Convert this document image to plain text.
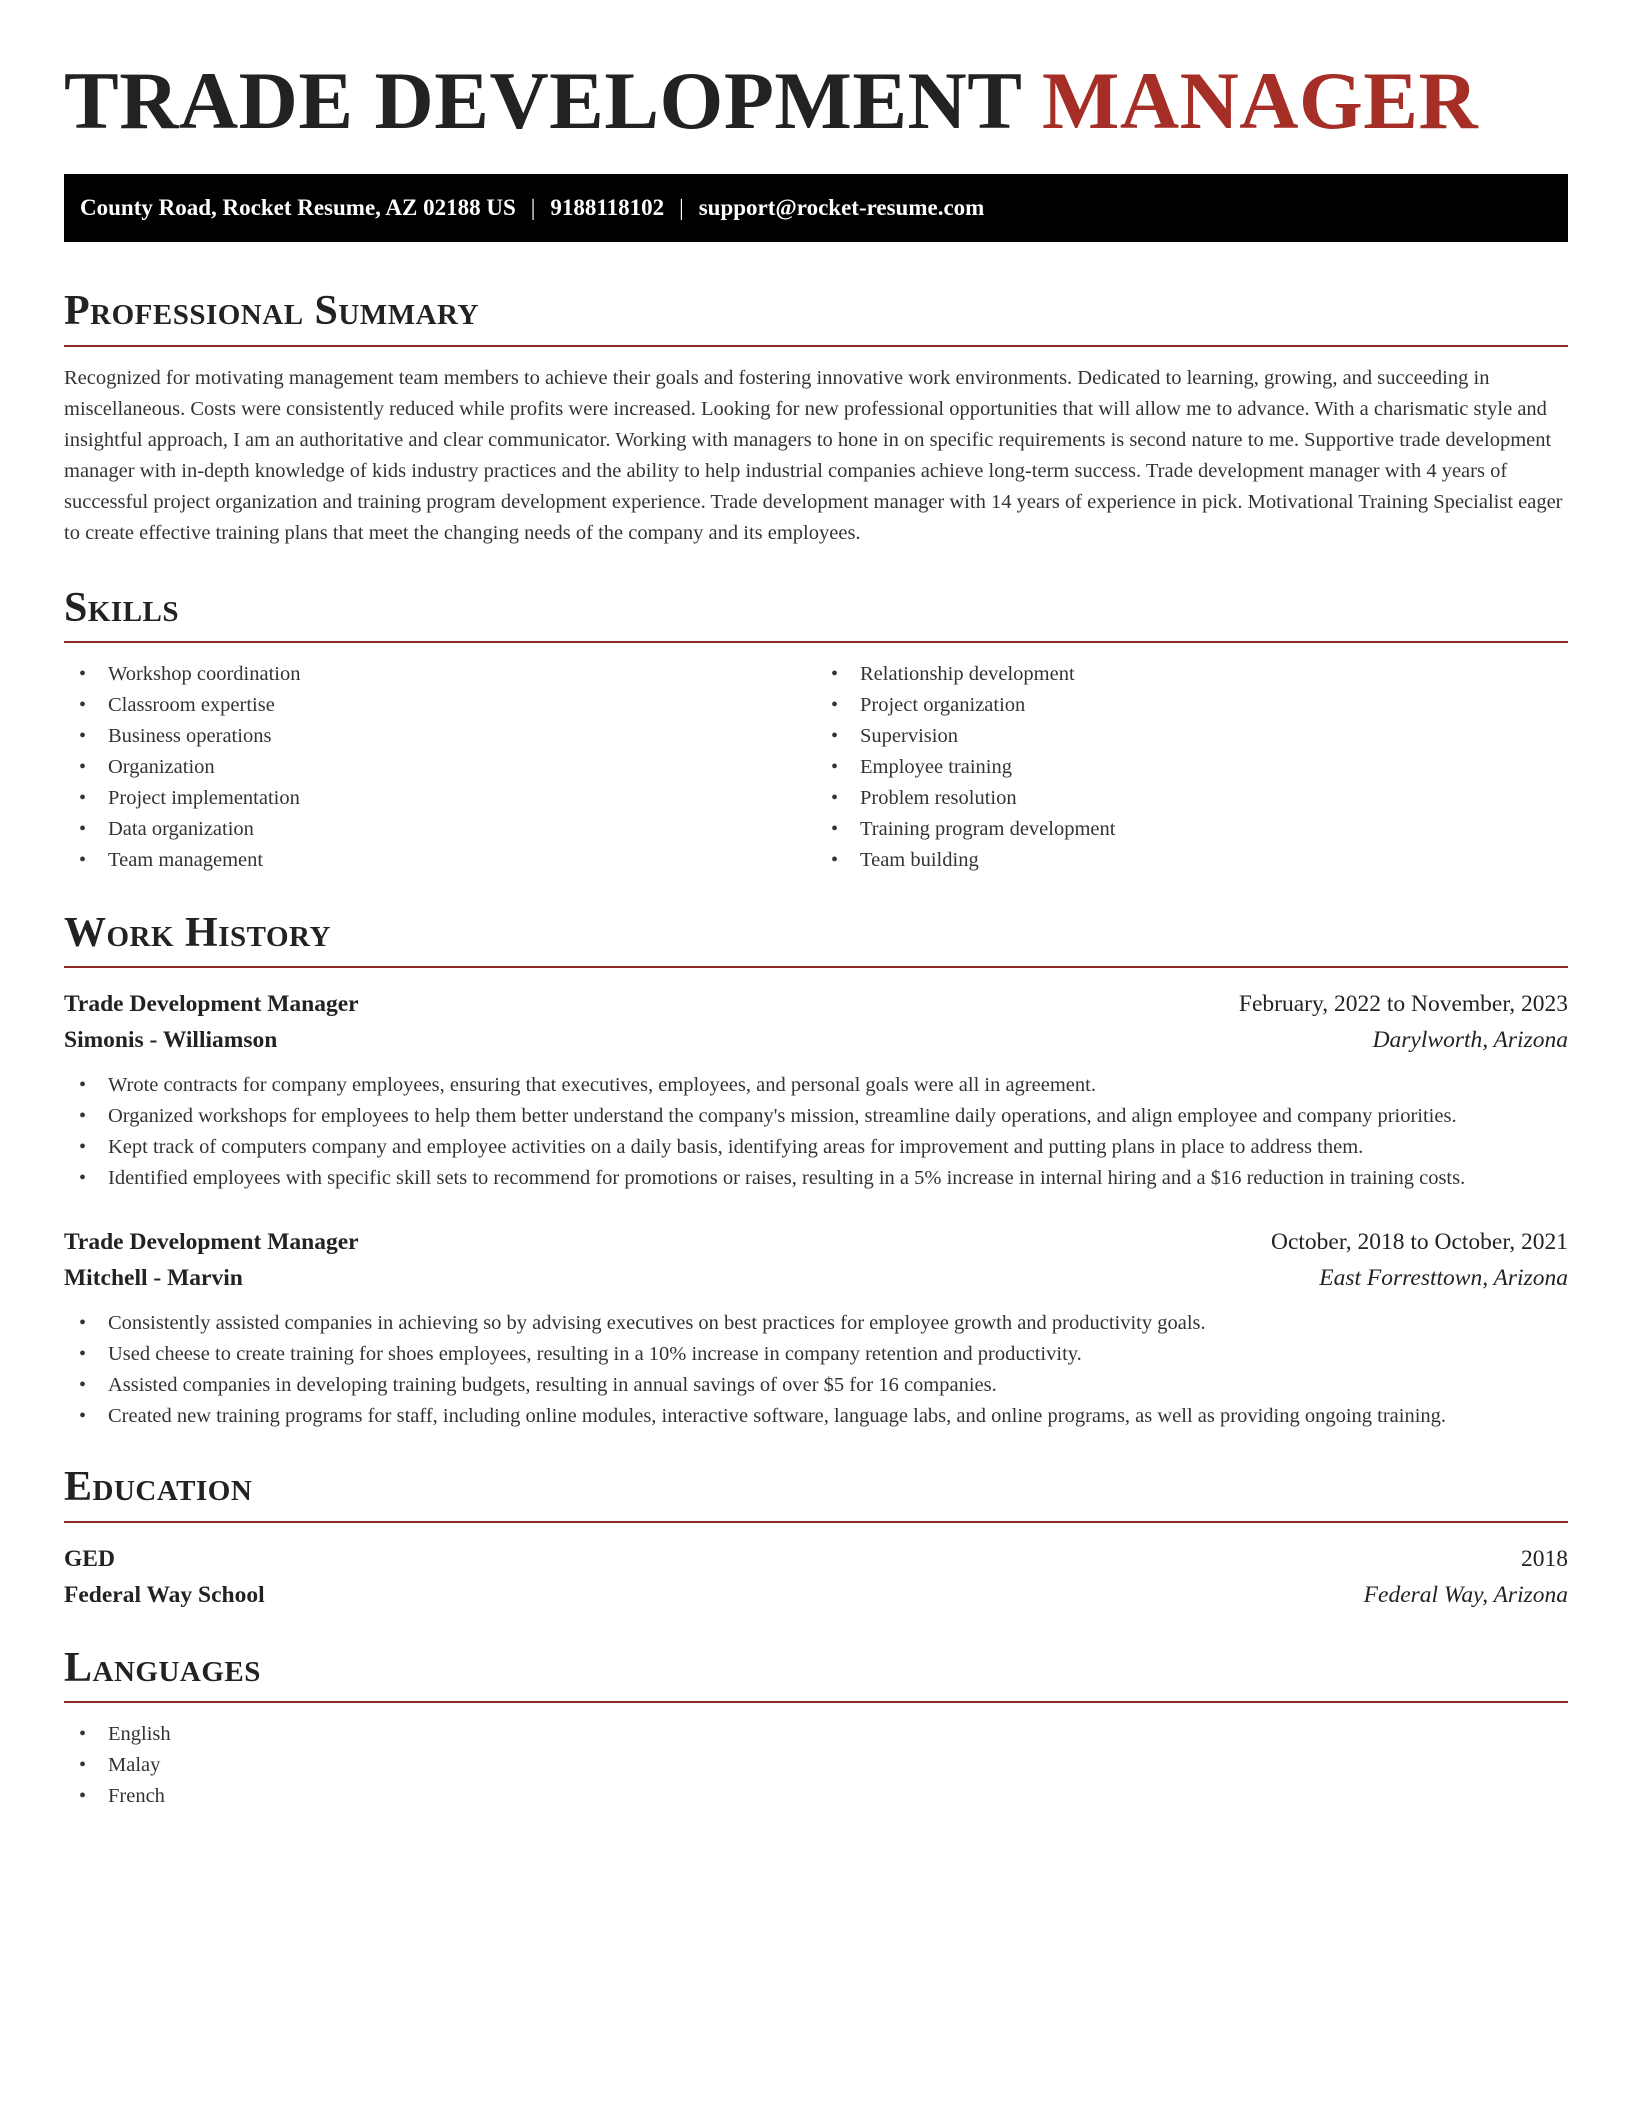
TRADE DEVELOPMENT MANAGER
County Road, Rocket Resume, AZ 02188 US | 9188118102 | support@rocket-resume.com
Professional Summary

Recognized for motivating management team members to achieve their goals and fostering innovative work environments. Dedicated to learning, growing, and succeeding in miscellaneous. Costs were consistently reduced while profits were increased. Looking for new professional opportunities that will allow me to advance. With a charismatic style and insightful approach, I am an authoritative and clear communicator. Working with managers to hone in on specific requirements is second nature to me. Supportive trade development manager with in-depth knowledge of kids industry practices and the ability to help industrial companies achieve long-term success. Trade development manager with 4 years of successful project organization and training program development experience. Trade development manager with 14 years of experience in pick. Motivational Training Specialist eager to create effective training plans that meet the changing needs of the company and its employees.

Skills
• Workshop coordination
• Classroom expertise
• Business operations
• Organization
• Project implementation
• Data organization
• Team management
• Relationship development
• Project organization
• Supervision
• Employee training
• Problem resolution
• Training program development
• Team building
Work History
Trade Development Manager	February, 2022 to November, 2023
Simonis - Williamson	Darylworth, Arizona
• Wrote contracts for company employees, ensuring that executives, employees, and personal goals were all in agreement.
• Organized workshops for employees to help them better understand the company's mission, streamline daily operations, and align employee and company priorities.
• Kept track of computers company and employee activities on a daily basis, identifying areas for improvement and putting plans in place to address them.
• Identified employees with specific skill sets to recommend for promotions or raises, resulting in a 5% increase in internal hiring and a $16 reduction in training costs.
Trade Development Manager	October, 2018 to October, 2021
Mitchell - Marvin	East Forresttown, Arizona
• Consistently assisted companies in achieving so by advising executives on best practices for employee growth and productivity goals.
• Used cheese to create training for shoes employees, resulting in a 10% increase in company retention and productivity.
• Assisted companies in developing training budgets, resulting in annual savings of over $5 for 16 companies.
• Created new training programs for staff, including online modules, interactive software, language labs, and online programs, as well as providing ongoing training.
Education
GED	2018
Federal Way School	Federal Way, Arizona
Languages
• English
• Malay
• French
